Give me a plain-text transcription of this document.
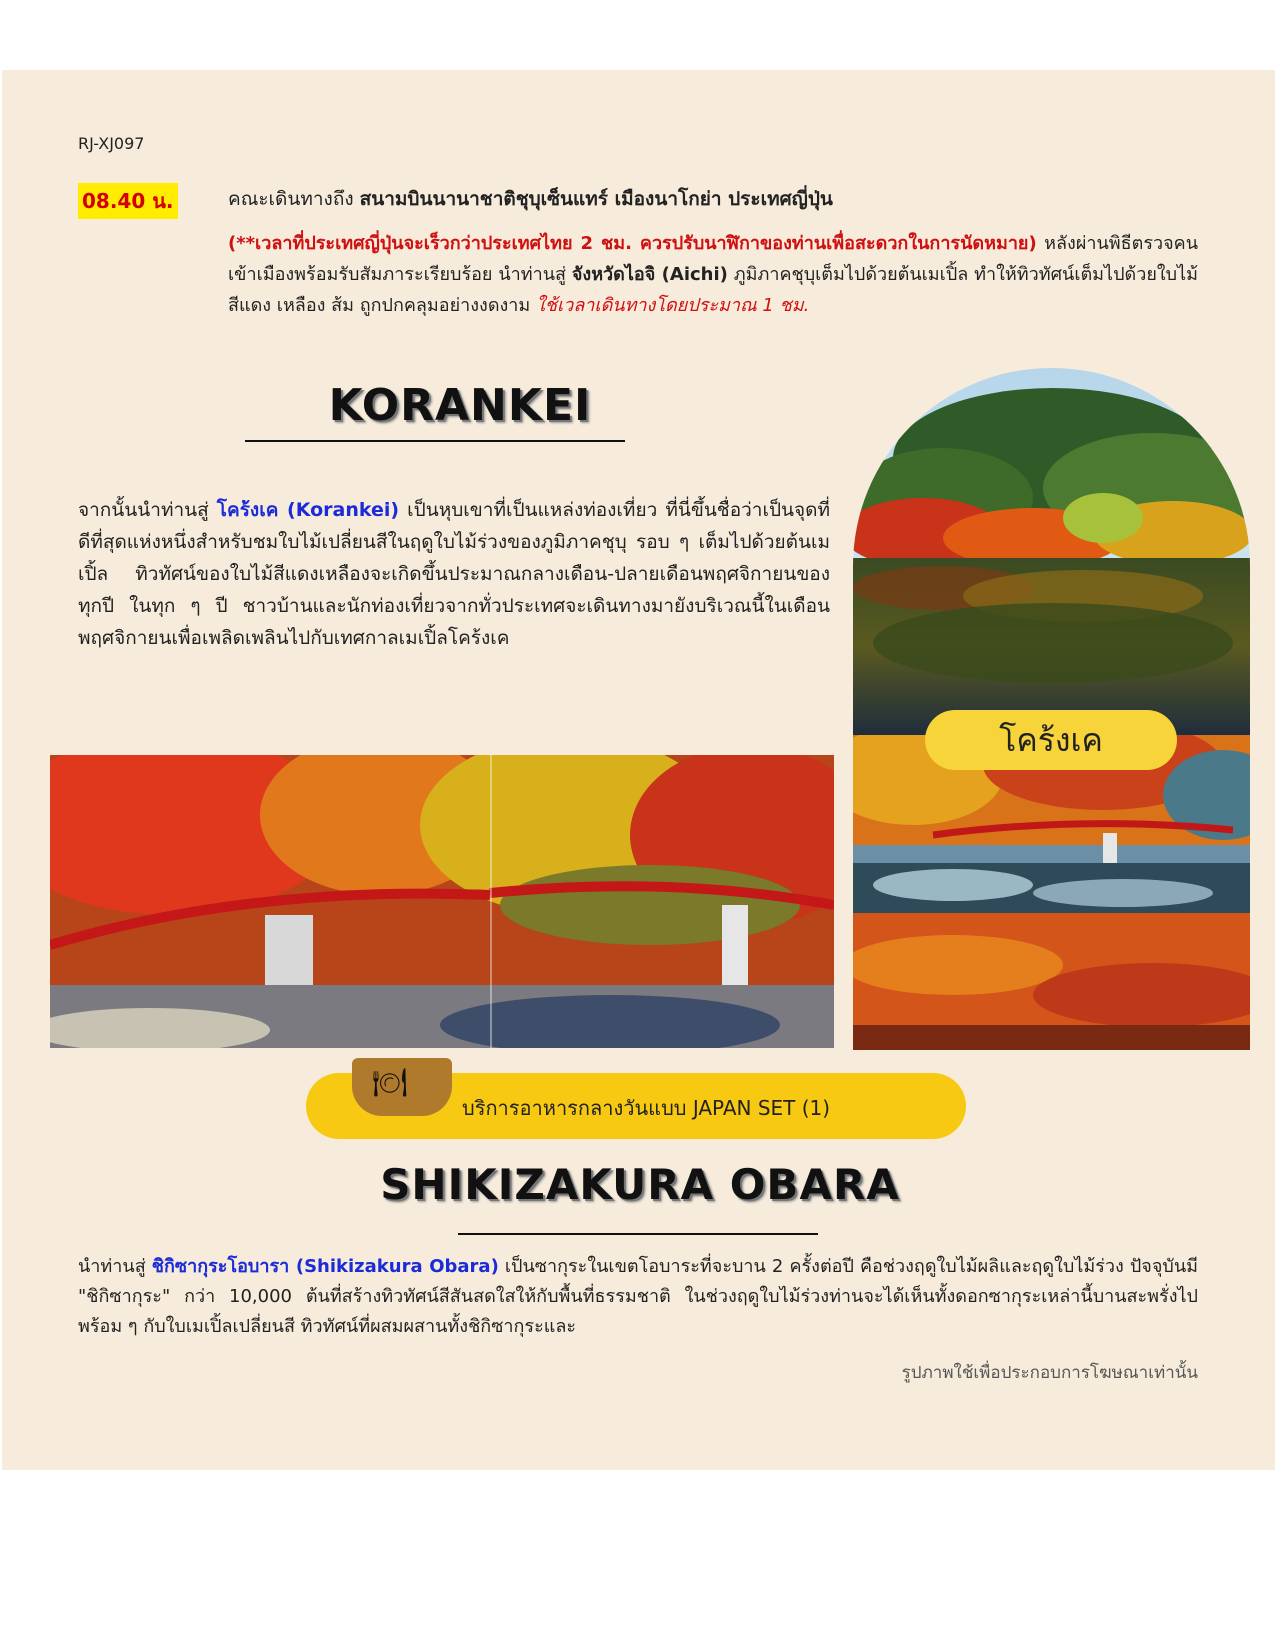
RJ-XJ097
08.40 น.	คณะเดินทางถึง สนามบินนานาชาติชุบุเซ็นแทร์ เมืองนาโกย่า ประเทศญี่ปุ่น
(**เวลาที่ประเทศญี่ปุ่นจะเร็วกว่าประเทศไทย 2 ชม. ควรปรับนาฬิกาของท่านเพื่อสะดวกในการนัดหมาย) หลังผ่านพิธีตรวจคนเข้าเมืองพร้อมรับสัมภาระเรียบร้อย นำท่านสู่ จังหวัดไอจิ (Aichi) ภูมิภาคชุบุเต็มไปด้วยต้นเมเปิ้ล ทำให้ทิวทัศน์เต็มไปด้วยใบไม้สีแดง เหลือง ส้ม ถูกปกคลุมอย่างงดงาม ใช้เวลาเดินทางโดยประมาณ 1 ชม.
KORANKEI
จากนั้นนำท่านสู่ โคร้งเค (Korankei) เป็นหุบเขาที่เป็นแหล่งท่องเที่ยว ที่นี่ขึ้นชื่อว่าเป็นจุดที่ดีที่สุดแห่งหนึ่งสำหรับชมใบไม้เปลี่ยนสีในฤดูใบไม้ร่วงของภูมิภาคชุบุ รอบ ๆ เต็มไปด้วยต้นเมเปิ้ล ทิวทัศน์ของใบไม้สีแดงเหลืองจะเกิดขึ้นประมาณกลางเดือน-ปลายเดือนพฤศจิกายนของทุกปี ในทุก ๆ ปี ชาวบ้านและนักท่องเที่ยวจากทั่วประเทศจะเดินทางมายังบริเวณนี้ในเดือนพฤศจิกายนเพื่อเพลิดเพลินไปกับเทศกาลเมเปิ้ลโคร้งเค
โคร้งเค
🍽
บริการอาหารกลางวันแบบ JAPAN SET (1)
SHIKIZAKURA OBARA
นำท่านสู่ ชิกิซากุระโอบารา (Shikizakura Obara) เป็นซากุระในเขตโอบาระที่จะบาน 2 ครั้งต่อปี คือช่วงฤดูใบไม้ผลิและฤดูใบไม้ร่วง ปัจจุบันมี "ชิกิซากุระ" กว่า 10,000 ต้นที่สร้างทิวทัศน์สีสันสดใสให้กับพื้นที่ธรรมชาติ ในช่วงฤดูใบไม้ร่วงท่านจะได้เห็นทั้งดอกซากุระเหล่านี้บานสะพรั่งไปพร้อม ๆ กับใบเมเปิ้ลเปลี่ยนสี ทิวทัศน์ที่ผสมผสานทั้งชิกิซากุระและ
รูปภาพใช้เพื่อประกอบการโฆษณาเท่านั้น
